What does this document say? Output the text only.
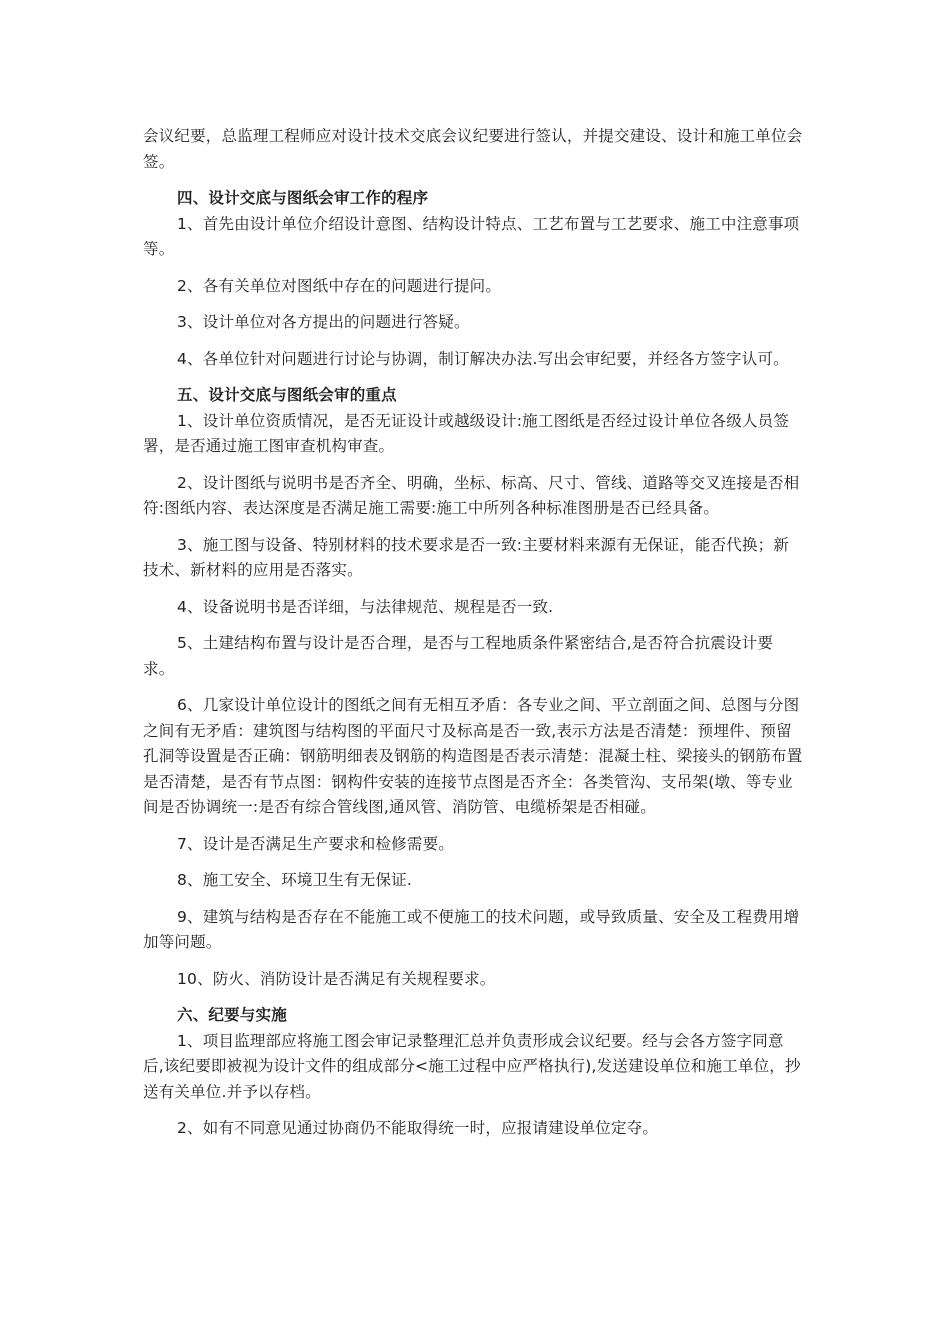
会议纪要，总监理工程师应对设计技术交底会议纪要进行签认，并提交建设、设计和施工单位会签。

四、设计交底与图纸会审工作的程序

1、首先由设计单位介绍设计意图、结构设计特点、工艺布置与工艺要求、施工中注意事项等。

2、各有关单位对图纸中存在的问题进行提问。

3、设计单位对各方提出的问题进行答疑。

4、各单位针对问题进行讨论与协调，制订解决办法.写出会审纪要，并经各方签字认可。

五、设计交底与图纸会审的重点

1、设计单位资质情况，是否无证设计或越级设计:施工图纸是否经过设计单位各级人员签署，是否通过施工图审查机构审查。

2、设计图纸与说明书是否齐全、明确，坐标、标高、尺寸、管线、道路等交叉连接是否相符:图纸内容、表达深度是否满足施工需要:施工中所列各种标准图册是否已经具备。

3、施工图与设备、特别材料的技术要求是否一致:主要材料来源有无保证，能否代换；新技术、新材料的应用是否落实。

4、设备说明书是否详细，与法律规范、规程是否一致.

5、土建结构布置与设计是否合理，是否与工程地质条件紧密结合,是否符合抗震设计要求。

6、几家设计单位设计的图纸之间有无相互矛盾：各专业之间、平立剖面之间、总图与分图之间有无矛盾：建筑图与结构图的平面尺寸及标高是否一致,表示方法是否清楚：预埋件、预留孔洞等设置是否正确：钢筋明细表及钢筋的构造图是否表示清楚：混凝土柱、梁接头的钢筋布置是否清楚，是否有节点图：钢构件安装的连接节点图是否齐全：各类管沟、支吊架(墩、等专业间是否协调统一:是否有综合管线图,通风管、消防管、电缆桥架是否相碰。

7、设计是否满足生产要求和检修需要。

8、施工安全、环境卫生有无保证.

9、建筑与结构是否存在不能施工或不便施工的技术问题，或导致质量、安全及工程费用增加等问题。

10、防火、消防设计是否满足有关规程要求。

六、纪要与实施

1、项目监理部应将施工图会审记录整理汇总并负责形成会议纪要。经与会各方签字同意后,该纪要即被视为设计文件的组成部分<施工过程中应严格执行),发送建设单位和施工单位，抄送有关单位.并予以存档。

2、如有不同意见通过协商仍不能取得统一时，应报请建设单位定夺。
